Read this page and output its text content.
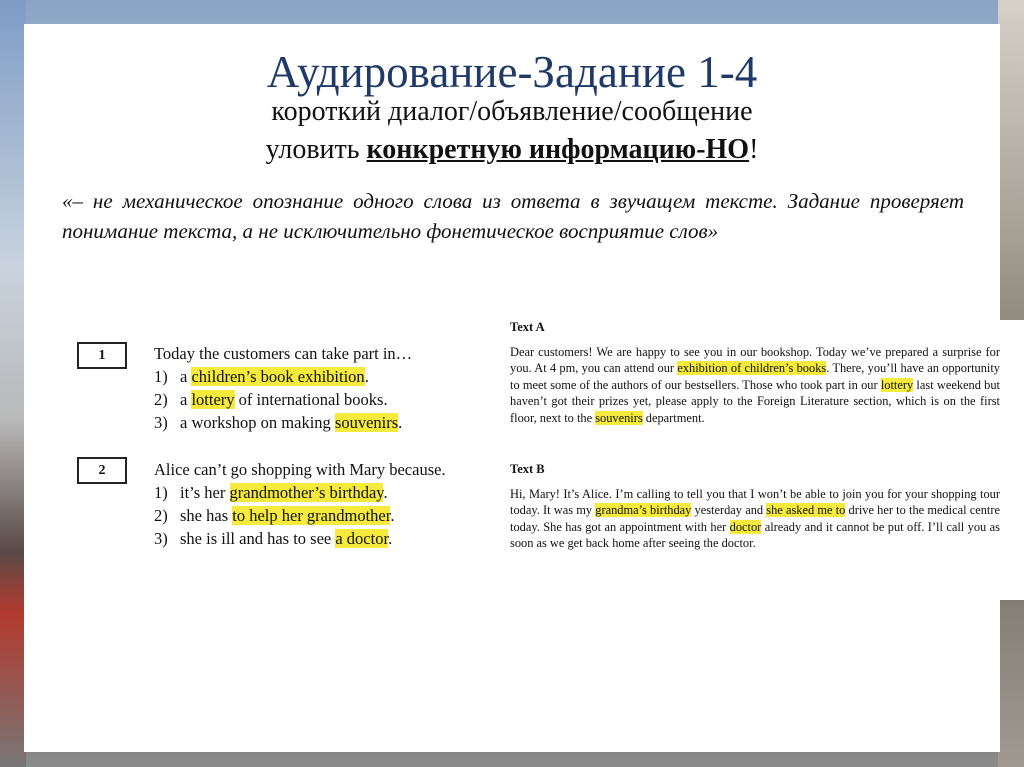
Аудирование-Задание 1-4
короткий диалог/объявление/сообщение
уловить конкретную информацию-НО!
«– не механическое опознание одного слова из ответа в звучащем тексте. Задание проверяет понимание текста, а не исключительно фонетическое восприятие слов»
1	Today the customers can take part in…
1) a children’s book exhibition.
2) a lottery of international books.
3) a workshop on making souvenirs.
2	Alice can’t go shopping with Mary because.
1) it’s her grandmother’s birthday.
2) she has to help her grandmother.
3) she is ill and has to see a doctor.
Text A
Dear customers! We are happy to see you in our bookshop. Today we’ve prepared a surprise for you. At 4 pm, you can attend our exhibition of children’s books. There, you’ll have an opportunity to meet some of the authors of our bestsellers. Those who took part in our lottery last weekend but haven’t got their prizes yet, please apply to the Foreign Literature section, which is on the first floor, next to the souvenirs department.
Text B
Hi, Mary! It’s Alice. I’m calling to tell you that I won’t be able to join you for your shopping tour today. It was my grandma’s birthday yesterday and she asked me to drive her to the medical centre today. She has got an appointment with her doctor already and it cannot be put off. I’ll call you as soon as we get back home after seeing the doctor.
